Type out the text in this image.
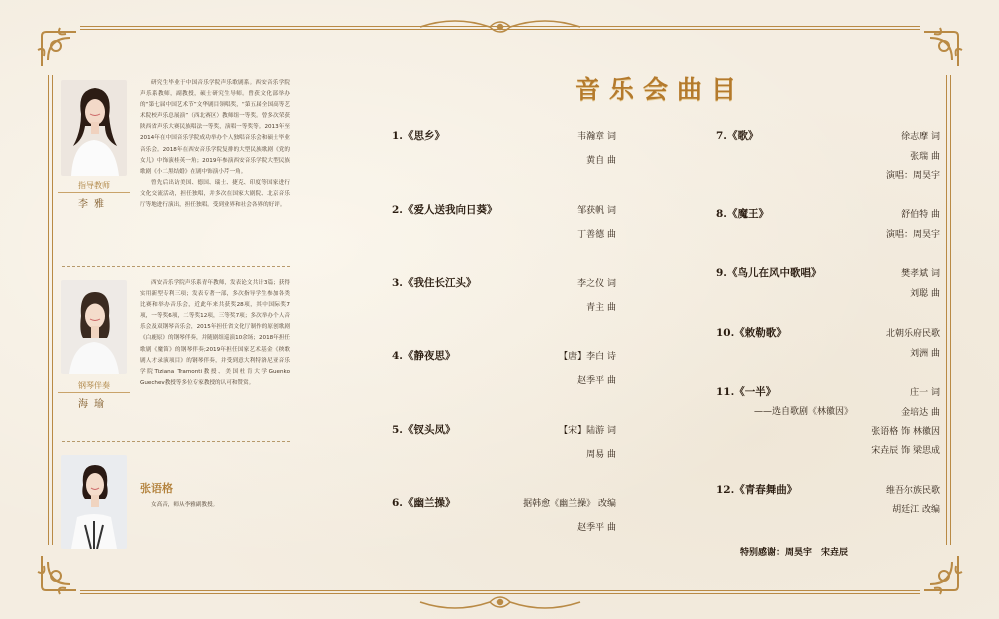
指导教师
李雅

研究生毕业于中国音乐学院声乐歌剧系。西安音乐学院声乐系教师，副教授，硕士研究生导师。曾获文化部举办的“第七届中国艺术节”文华剧目领唱奖，“第五届全国高等艺术院校声乐总展演”（西北赛区）教师组一等奖。曾多次荣获陕西省声乐大赛民族唱法一等奖，演唱一等奖等。2013年至2014年在中国音乐学院成功举办个人独唱音乐会和硕士毕业音乐会。2018年在西安音乐学院复排的大型民族歌剧《党的女儿》中饰演桂英一角；2019年参演西安音乐学院大型民族歌剧《小二黑结婚》在剧中饰演小芹一角。

曾先后出访美国、德国、瑞士、捷克、印度等国家进行文化交流活动，担任独唱，并多次在国家大剧院、北京音乐厅等地进行演出，担任独唱。受到业界和社会各界的好评。

钢琴伴奏
海瑜

西安音乐学院声乐系青年教师，发表论文共计3篇；获得实用新型专利三项；发表专著一部，多次指导学生参加各类比赛和举办音乐会，近此年来共获奖28项，其中国际奖7项，一等奖6项，二等奖12项，三等奖7项；多次举办个人音乐会及双钢琴音乐会，2015年担任省文化厅制作的原创歌剧《白鹿原》的钢琴伴奏，并随剧组巡演10余场；2018年担任歌剧《魔笛》的钢琴伴奏;2019年担任国家艺术基金《秧歌剧人才录演项目》的钢琴伴奏，并受到意大利特洛尼亚音乐学院Tiziana Tramonti教授、美国杜肯大学Guenko Guechev教授等多位专家教授的认可和赞赏。

张语格

女高音，师从李雅副教授。

音乐会曲目
1.《思乡》	韦瀚章 词
黄自 曲
2.《爱人送我向日葵》	邹获帆 词
丁善德 曲
3.《我住长江头》	李之仪 词
青主 曲
4.《静夜思》	【唐】李白 诗
赵季平 曲
5.《钗头凤》	【宋】陆游 词
周易 曲
6.《幽兰操》	据韩愈《幽兰操》 改编
赵季平 曲
7.《歌》	徐志摩 词
张瑞 曲
演唱：周昊宇
8.《魔王》	舒伯特 曲
演唱：周昊宇
9.《鸟儿在风中歌唱》	樊孝斌 词
刘聪 曲
10.《敕勒歌》	北朝乐府民歌
刘洲 曲
11.《一半》
——选自歌剧《林徽因》
庄一 词
金培达 曲
张语格 饰 林徽因
宋垚辰 饰 梁思成
12.《青春舞曲》	维吾尔族民歌
胡廷江 改编
特别感谢：周昊宇　宋垚辰
